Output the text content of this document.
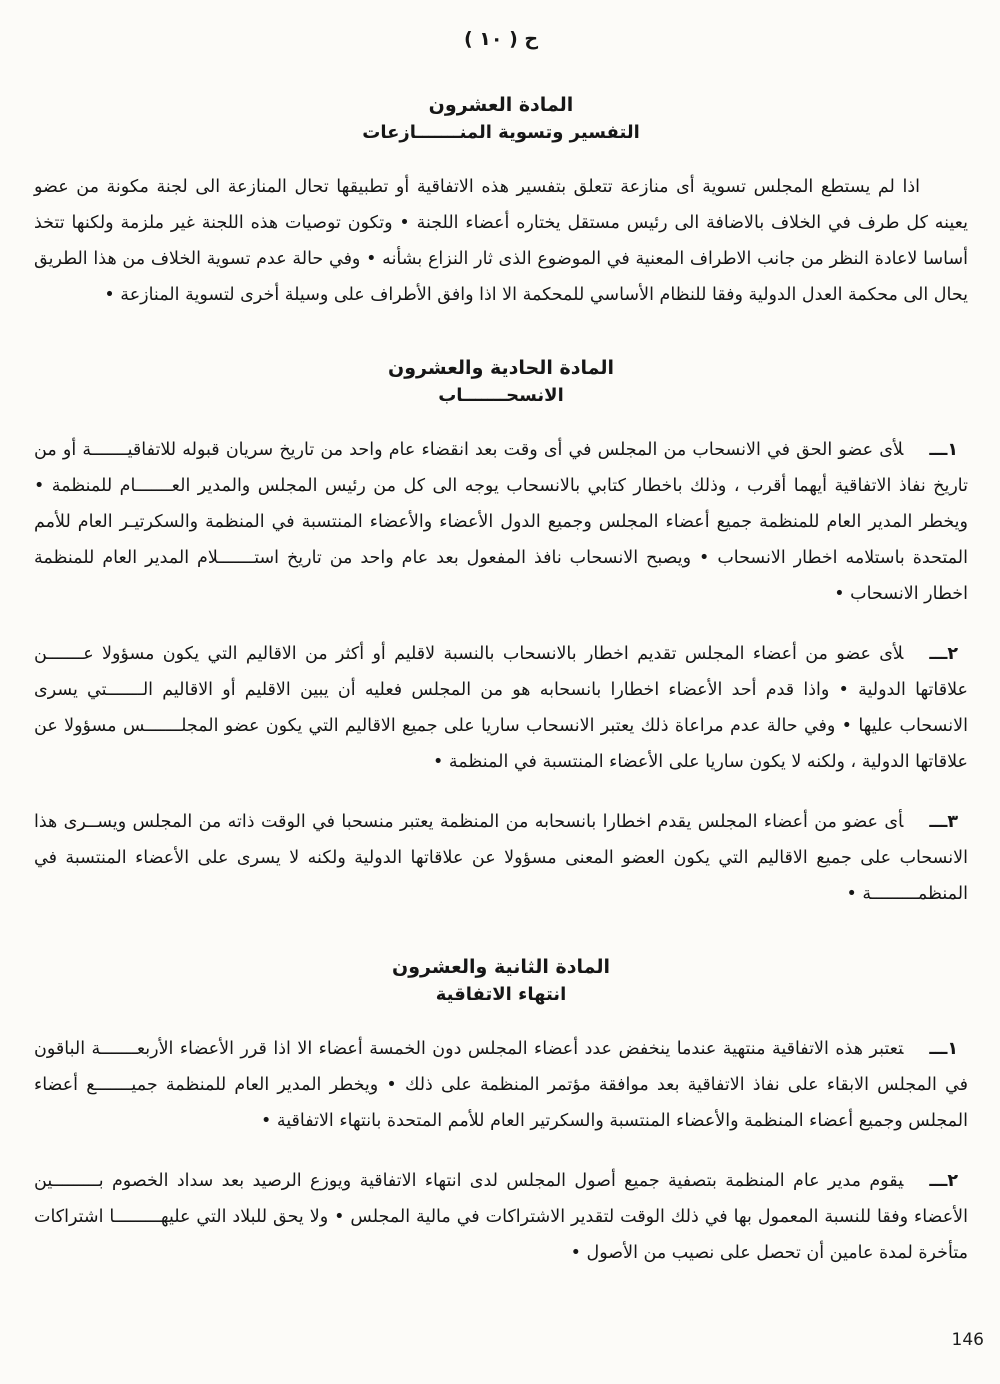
ح ( ١٠ )
المادة العشرون
التفسير وتسوية المنـــــــازعات

اذا لم يستطع المجلس تسوية أى منازعة تتعلق بتفسير هذه الاتفاقية أو تطبيقها تحال المنازعة الى لجنة مكونة من عضو يعينه كل طرف في الخلاف بالاضافة الى رئيس مستقل يختاره أعضاء اللجنة • وتكون توصيات هذه اللجنة غير ملزمة ولكنها تتخذ أساسا لاعادة النظر من جانب الاطراف المعنية في الموضوع الذى ثار النزاع بشأنه • وفي حالة عدم تسوية الخلاف من هذا الطريق يحال الى محكمة العدل الدولية وفقا للنظام الأساسي للمحكمة الا اذا وافق الأطراف على وسيلة أخرى لتسوية المنازعة •

المادة الحادية والعشرون
الانسحـــــــاب

١ـــلأى عضو الحق في الانسحاب من المجلس في أى وقت بعد انقضاء عام واحد من تاريخ سريان قبوله للاتفاقيـــــــة أو من تاريخ نفاذ الاتفاقية أيهما أقرب ، وذلك باخطار كتابي بالانسحاب يوجه الى كل من رئيس المجلس والمدير العـــــــام للمنظمة • ويخطر المدير العام للمنظمة جميع أعضاء المجلس وجميع الدول الأعضاء والأعضاء المنتسبة في المنظمة والسكرتيـر العام للأمم المتحدة باستلامه اخطار الانسحاب • ويصبح الانسحاب نافذ المفعول بعد عام واحد من تاريخ استـــــــلام المدير العام للمنظمة اخطار الانسحاب •

٢ـــلأى عضو من أعضاء المجلس تقديم اخطار بالانسحاب بالنسبة لاقليم أو أكثر من الاقاليم التي يكون مسؤولا عـــــــن علاقاتها الدولية • واذا قدم أحد الأعضاء اخطارا بانسحابه هو من المجلس فعليه أن يبين الاقليم أو الاقاليم الـــــــتي يسرى الانسحاب عليها • وفي حالة عدم مراعاة ذلك يعتبر الانسحاب ساريا على جميع الاقاليم التي يكون عضو المجلـــــــس مسؤولا عن علاقاتها الدولية ، ولكنه لا يكون ساريا على الأعضاء المنتسبة في المنظمة •

٣ـــأى عضو من أعضاء المجلس يقدم اخطارا بانسحابه من المنظمة يعتبر منسحبا في الوقت ذاته من المجلس ويســرى هذا الانسحاب على جميع الاقاليم التي يكون العضو المعنى مسؤولا عن علاقاتها الدولية ولكنه لا يسرى على الأعضاء المنتسبة في المنظمـــــــــة •

المادة الثانية والعشرون
انتهاء الاتفاقية

١ـــتعتبر هذه الاتفاقية منتهية عندما ينخفض عدد أعضاء المجلس دون الخمسة أعضاء الا اذا قرر الأعضاء الأربعـــــــة الباقون في المجلس الابقاء على نفاذ الاتفاقية بعد موافقة مؤتمر المنظمة على ذلك • ويخطر المدير العام للمنظمة جميـــــــع أعضاء المجلس وجميع أعضاء المنظمة والأعضاء المنتسبة والسكرتير العام للأمم المتحدة بانتهاء الاتفاقية •

٢ـــيقوم مدير عام المنظمة بتصفية جميع أصول المجلس لدى انتهاء الاتفاقية ويوزع الرصيد بعد سداد الخصوم بـــــــــين الأعضاء وفقا للنسبة المعمول بها في ذلك الوقت لتقدير الاشتراكات في مالية المجلس • ولا يحق للبلاد التي عليهـــــــــا اشتراكات متأخرة لمدة عامين أن تحصل على نصيب من الأصول •

146
